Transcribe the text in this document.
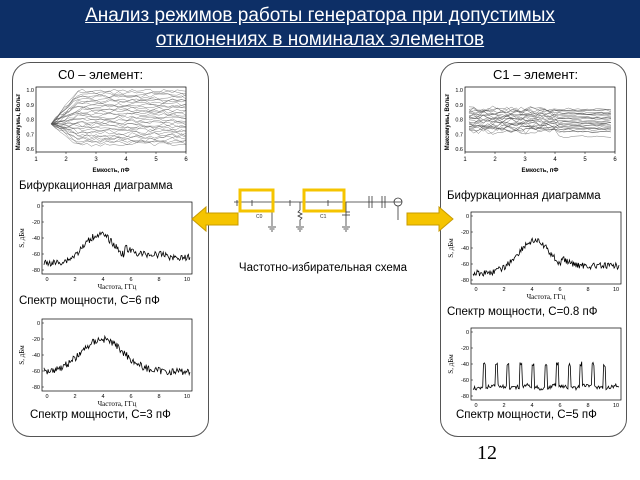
Анализ режимов работы генератора при допустимых
отклонениях в номиналах элементов
C0 – элемент:
1	2	3	4	5	6
1.0
0.9
0.8
0.7
0.6
Максимумы, Вольт
Емкость, пФ
Бифуркационная диаграмма
0	2	4	6	8	10
0
-20
-40
-60
-80
S, дБм
Частота, ГГц
Спектр мощности, C=6 пФ
0	2	4	6	8	10
0
-20
-40
-60
-80
S, дБм
Частота, ГГц
Спектр мощности, C=3 пФ
C1 – элемент:
1	2	3	4	5	6
1.0
0.9
0.8
0.7
0.6
Максимумы, Вольт
Емкость, пФ
Бифуркационная диаграмма
0	2	4	6	8	10
0
-20
-40
-60
-80
S, дБм
Частота, ГГц
Спектр мощности, C=0.8 пФ
0	2	4	6	8	10
0
-20
-40
-60
-80
S, дБм
Спектр мощности, C=5 пФ
C0	C1
Частотно-избирательная схема
12
